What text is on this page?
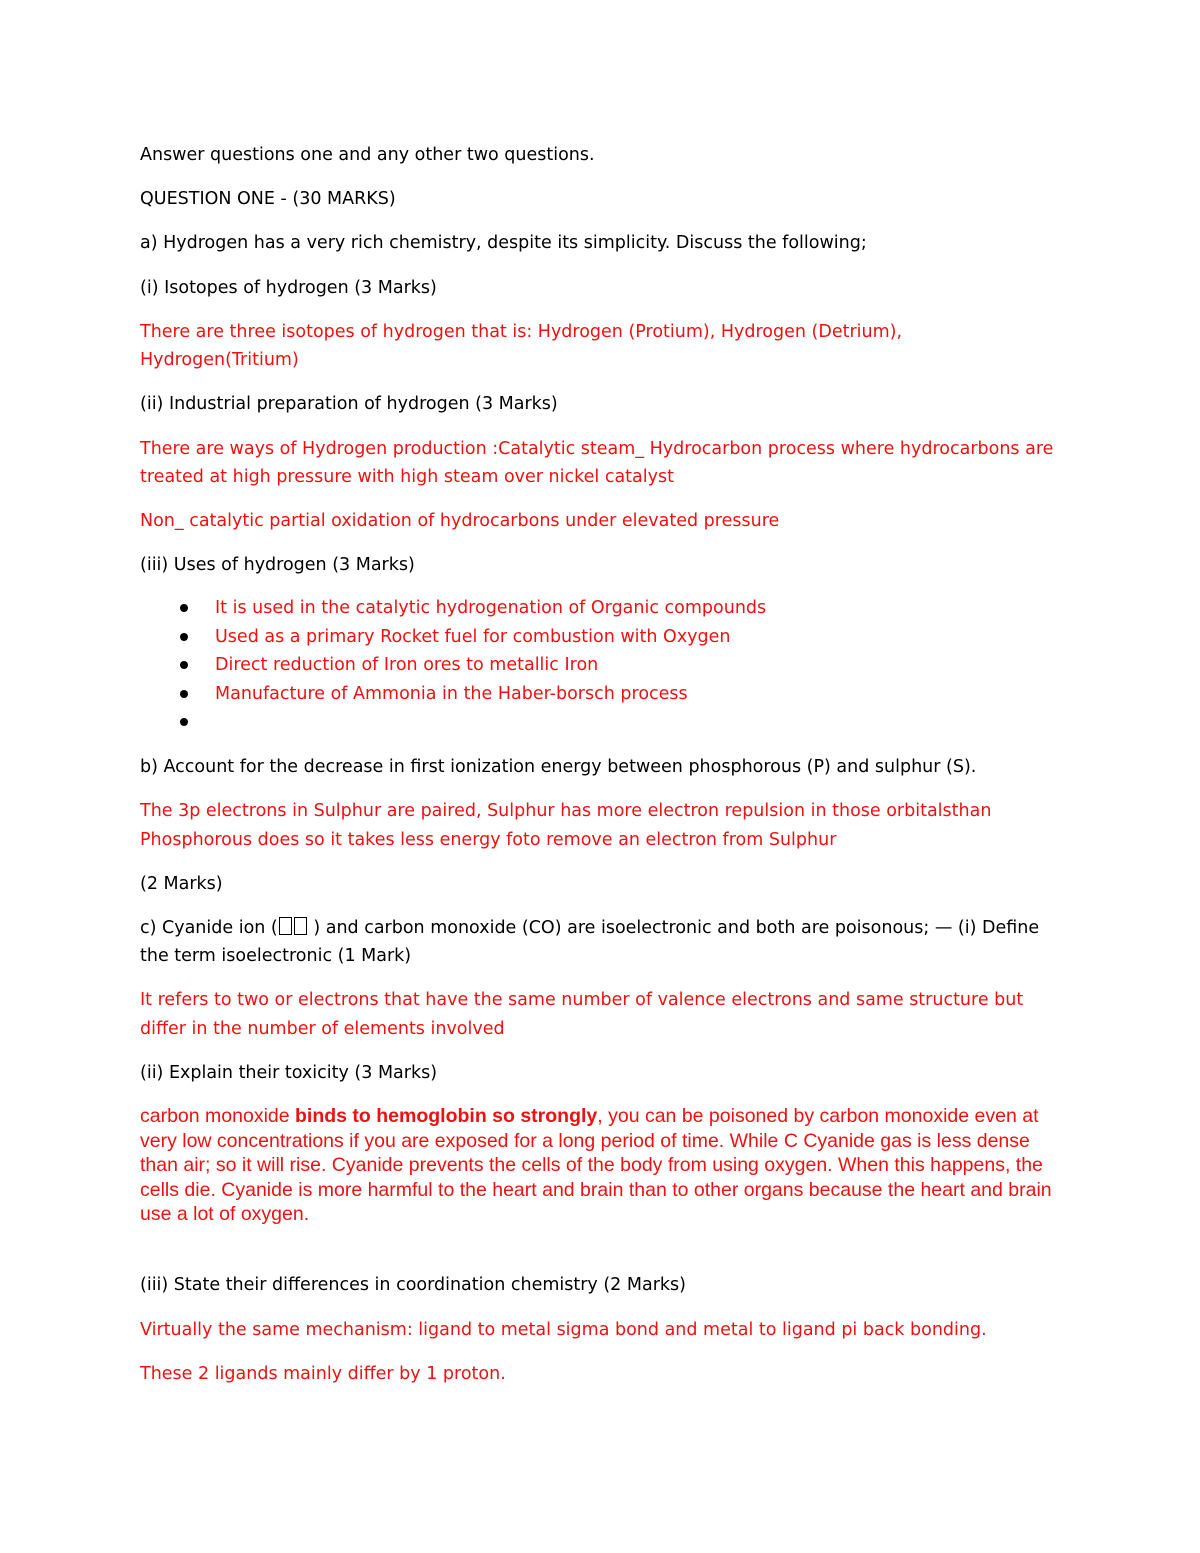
Answer questions one and any other two questions.
QUESTION ONE - (30 MARKS)
a) Hydrogen has a very rich chemistry, despite its simplicity. Discuss the following;
(i) Isotopes of hydrogen (3 Marks)
There are three isotopes of hydrogen that is: Hydrogen (Protium), Hydrogen (Detrium),
Hydrogen(Tritium)
(ii) Industrial preparation of hydrogen (3 Marks)
There are ways of Hydrogen production :Catalytic steam_ Hydrocarbon process where hydrocarbons are
treated at high pressure with high steam over nickel catalyst
Non_ catalytic partial oxidation of hydrocarbons under elevated pressure
(iii) Uses of hydrogen (3 Marks)
It is used in the catalytic hydrogenation of Organic compounds
Used as a primary Rocket fuel for combustion with Oxygen
Direct reduction of Iron ores to metallic Iron
Manufacture of Ammonia in the Haber-borsch process
b) Account for the decrease in first ionization energy between phosphorous (P) and sulphur (S).
The 3p electrons in Sulphur are paired, Sulphur has more electron repulsion in those orbitalsthan
Phosphorous does so it takes less energy foto remove an electron from Sulphur
(2 Marks)
c) Cyanide ion ( ) and carbon monoxide (CO) are isoelectronic and both are poisonous; — (i) Define
the term isoelectronic (1 Mark)
It refers to two or electrons that have the same number of valence electrons and same structure but
differ in the number of elements involved
(ii) Explain their toxicity (3 Marks)
carbon monoxide binds to hemoglobin so strongly, you can be poisoned by carbon monoxide even at very low concentrations if you are exposed for a long period of time. While C Cyanide gas is less dense than air; so it will rise. Cyanide prevents the cells of the body from using oxygen. When this happens, the cells die. Cyanide is more harmful to the heart and brain than to other organs because the heart and brain use a lot of oxygen.
(iii) State their differences in coordination chemistry (2 Marks)
Virtually the same mechanism: ligand to metal sigma bond and metal to ligand pi back bonding.
These 2 ligands mainly differ by 1 proton.
